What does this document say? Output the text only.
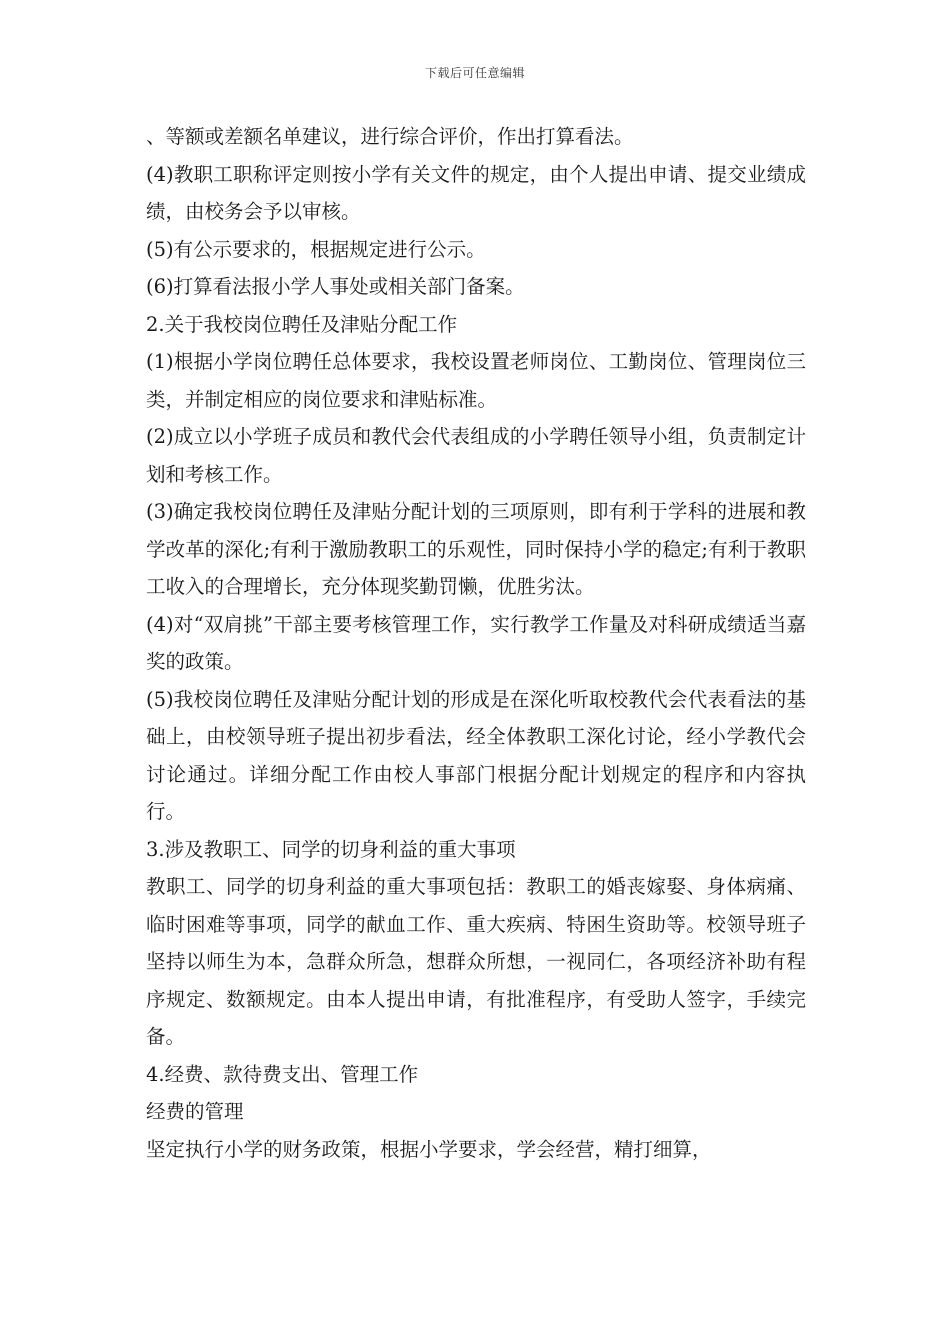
下载后可任意编辑

、等额或差额名单建议，进行综合评价，作出打算看法。

(4)教职工职称评定则按小学有关文件的规定，由个人提出申请、提交业绩成绩，由校务会予以审核。

(5)有公示要求的，根据规定进行公示。

(6)打算看法报小学人事处或相关部门备案。

2.关于我校岗位聘任及津贴分配工作

(1)根据小学岗位聘任总体要求，我校设置老师岗位、工勤岗位、管理岗位三类，并制定相应的岗位要求和津贴标准。

(2)成立以小学班子成员和教代会代表组成的小学聘任领导小组，负责制定计划和考核工作。

(3)确定我校岗位聘任及津贴分配计划的三项原则，即有利于学科的进展和教学改革的深化;有利于激励教职工的乐观性，同时保持小学的稳定;有利于教职工收入的合理增长，充分体现奖勤罚懒，优胜劣汰。

(4)对“双肩挑”干部主要考核管理工作，实行教学工作量及对科研成绩适当嘉奖的政策。

(5)我校岗位聘任及津贴分配计划的形成是在深化听取校教代会代表看法的基础上，由校领导班子提出初步看法，经全体教职工深化讨论，经小学教代会讨论通过。详细分配工作由校人事部门根据分配计划规定的程序和内容执行。

3.涉及教职工、同学的切身利益的重大事项

教职工、同学的切身利益的重大事项包括：教职工的婚丧嫁娶、身体病痛、临时困难等事项，同学的献血工作、重大疾病、特困生资助等。校领导班子坚持以师生为本，急群众所急，想群众所想，一视同仁，各项经济补助有程序规定、数额规定。由本人提出申请，有批准程序，有受助人签字，手续完备。

4.经费、款待费支出、管理工作

经费的管理

坚定执行小学的财务政策，根据小学要求，学会经营，精打细算，
